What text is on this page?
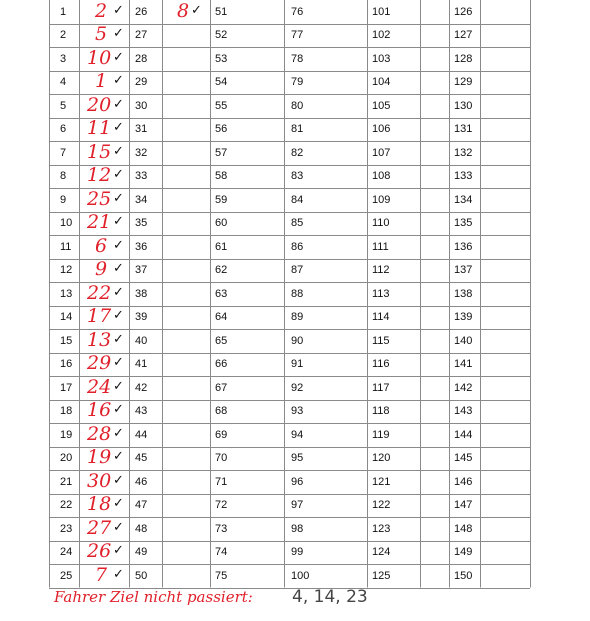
1 2 ✓
2 5 ✓
3 10 ✓
4 1 ✓
5 20 ✓
6 11 ✓
7 15 ✓
8 12 ✓
9 25 ✓
10 21 ✓
11 6 ✓
12 9 ✓
13 22 ✓
14 17 ✓
15 13 ✓
16 29 ✓
17 24 ✓
18 16 ✓
19 28 ✓
20 19 ✓
21 30 ✓
22 18 ✓
23 27 ✓
24 26 ✓
25 7 ✓
26 8 ✓
27
28
29
30
31
32
33
34
35
36
37
38
39
40
41
42
43
44
45
46
47
48
49
50
51
52
53
54
55
56
57
58
59
60
61
62
63
64
65
66
67
68
69
70
71
72
73
74
75
76
77
78
79
80
81
82
83
84
85
86
87
88
89
90
91
92
93
94
95
96
97
98
99
100
101
102
103
104
105
106
107
108
109
110
111
112
113
114
115
116
117
118
119
120
121
122
123
124
125
126
127
128
129
130
131
132
133
134
135
136
137
138
139
140
141
142
143
144
145
146
147
148
149
150
Fahrer Ziel nicht passiert: 4, 14, 23
